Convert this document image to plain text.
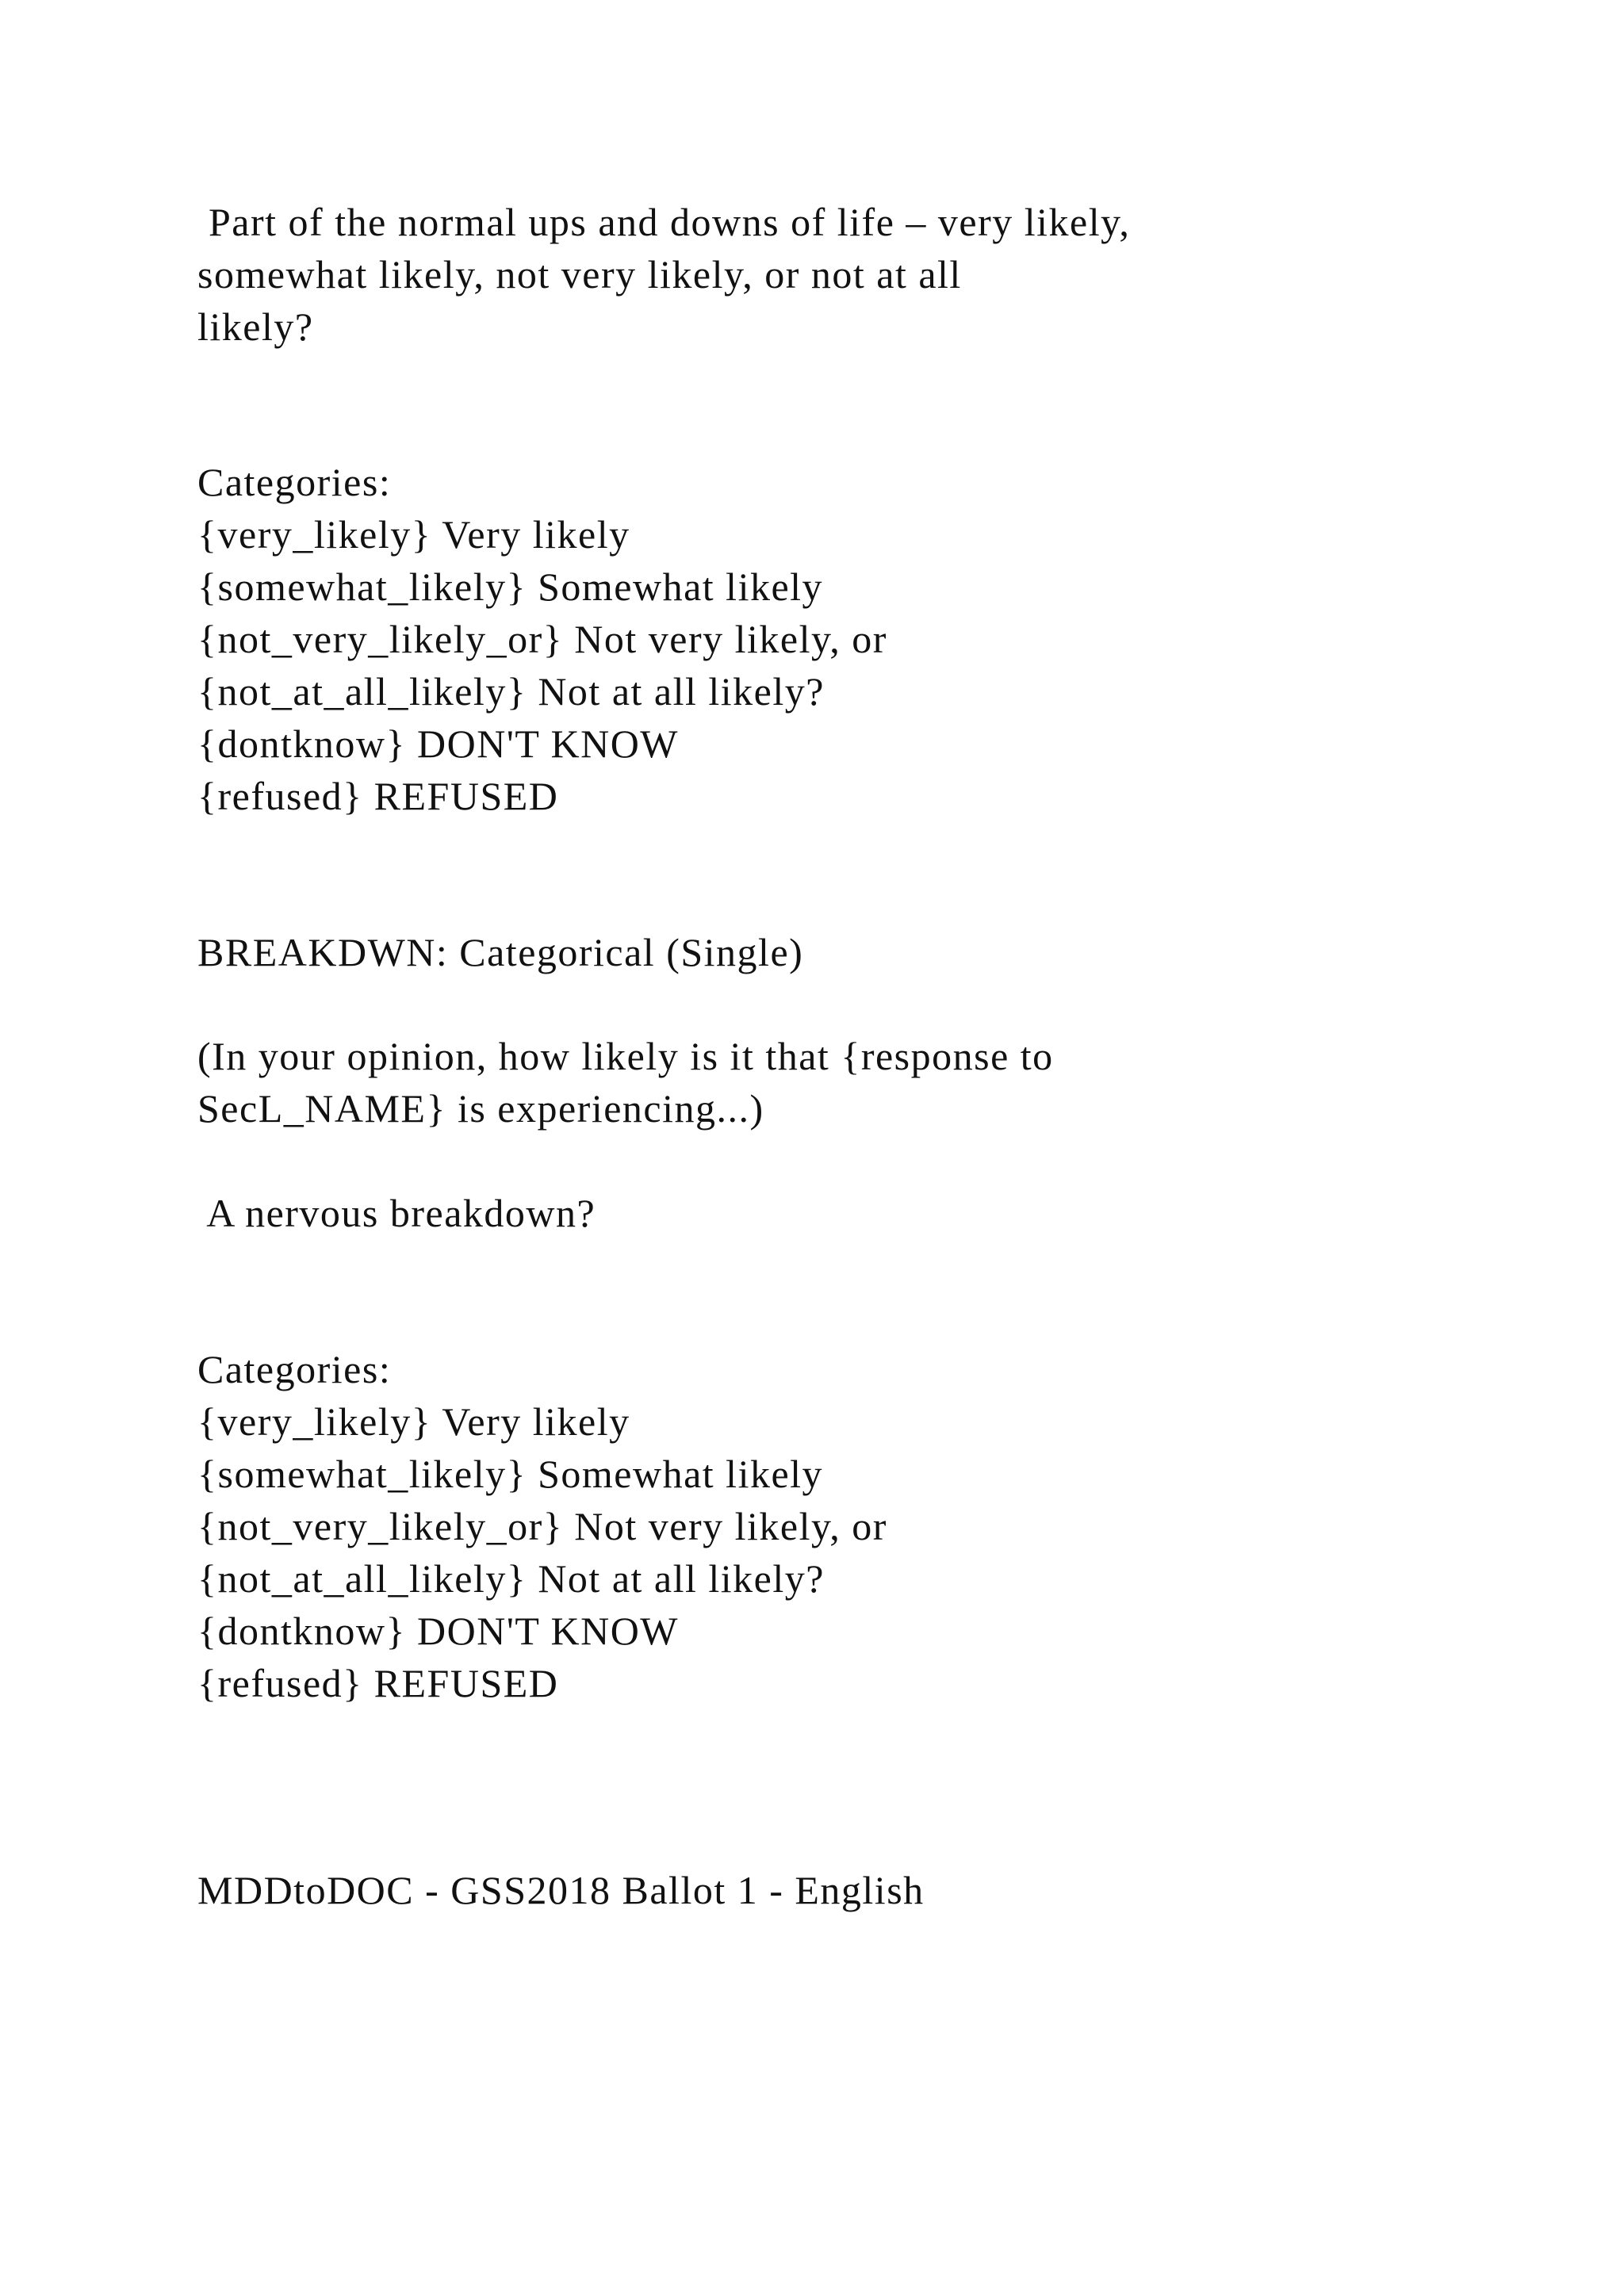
Part of the normal ups and downs of life – very likely,
somewhat likely, not very likely, or not at all
likely?
Categories:
{very_likely} Very likely
{somewhat_likely} Somewhat likely
{not_very_likely_or} Not very likely, or
{not_at_all_likely} Not at all likely?
{dontknow} DON'T KNOW
{refused} REFUSED
BREAKDWN: Categorical (Single)
(In your opinion, how likely is it that {response to
SecL_NAME} is experiencing...)
A nervous breakdown?
Categories:
{very_likely} Very likely
{somewhat_likely} Somewhat likely
{not_very_likely_or} Not very likely, or
{not_at_all_likely} Not at all likely?
{dontknow} DON'T KNOW
{refused} REFUSED
MDDtoDOC - GSS2018 Ballot 1 - English
